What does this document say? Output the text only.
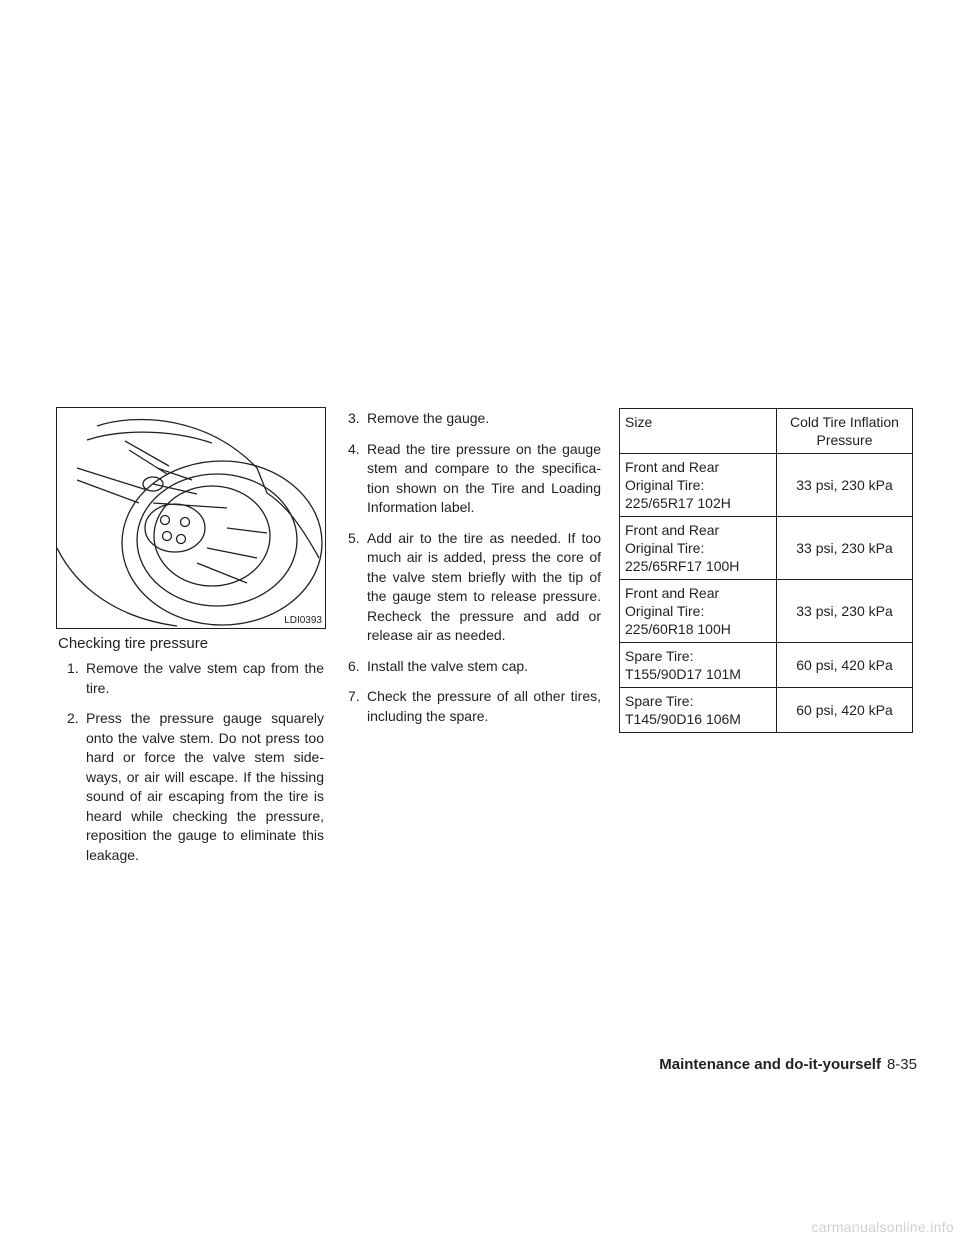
LDI0393
Checking tire pressure
1. Remove the valve stem cap from the tire.
2. Press the pressure gauge squarely onto the valve stem. Do not press too hard or force the valve stem side-ways, or air will escape. If the hissing sound of air escaping from the tire is heard while checking the pressure, reposition the gauge to eliminate this leakage.
3. Remove the gauge.
4. Read the tire pressure on the gauge stem and compare to the specifica-tion shown on the Tire and Loading Information label.
5. Add air to the tire as needed. If too much air is added, press the core of the valve stem briefly with the tip of the gauge stem to release pressure. Recheck the pressure and add or release air as needed.
6. Install the valve stem cap.
7. Check the pressure of all other tires, including the spare.
Size	Cold Tire Inflation Pressure
Front and Rear Original Tire: 225/65R17 102H	33 psi, 230 kPa
Front and Rear Original Tire: 225/65RF17 100H	33 psi, 230 kPa
Front and Rear Original Tire: 225/60R18 100H	33 psi, 230 kPa
Spare Tire: T155/90D17 101M	60 psi, 420 kPa
Spare Tire: T145/90D16 106M	60 psi, 420 kPa
Maintenance and do-it-yourself 8-35
carmanualsonline.info
